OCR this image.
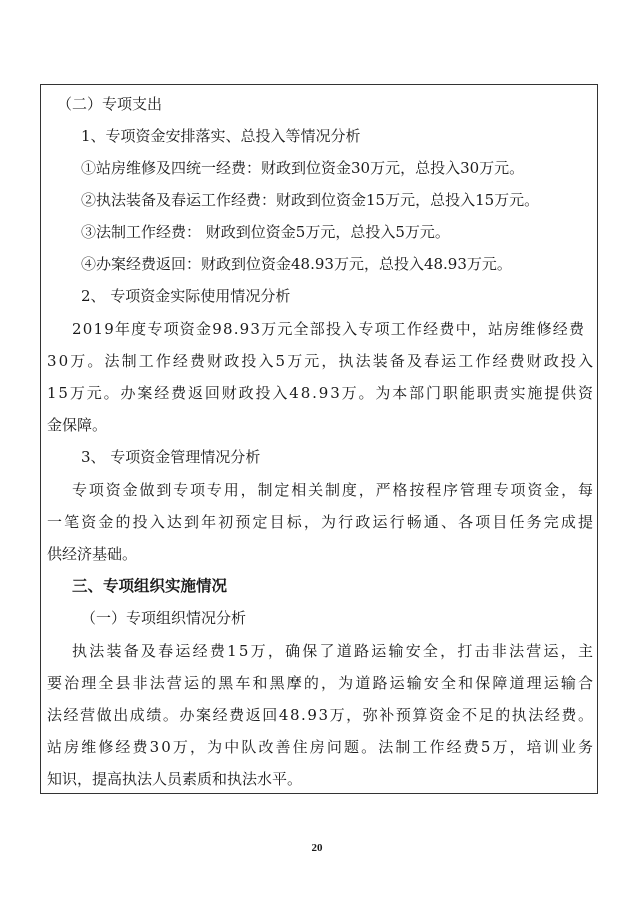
（二）专项支出
1、专项资金安排落实、总投入等情况分析
①站房维修及四统一经费：财政到位资金30万元，总投入30万元。
②执法装备及春运工作经费：财政到位资金15万元，总投入15万元。
③法制工作经费： 财政到位资金5万元，总投入5万元。
④办案经费返回：财政到位资金48.93万元，总投入48.93万元。
2、 专项资金实际使用情况分析
2019年度专项资金98.93万元全部投入专项工作经费中，站房维修经费
30万。法制工作经费财政投入5万元，执法装备及春运工作经费财政投入
15万元。办案经费返回财政投入48.93万。为本部门职能职责实施提供资
金保障。
3、 专项资金管理情况分析
专项资金做到专项专用，制定相关制度，严格按程序管理专项资金，每
一笔资金的投入达到年初预定目标，为行政运行畅通、各项目任务完成提
供经济基础。
三、专项组织实施情况
（一）专项组织情况分析
执法装备及春运经费15万，确保了道路运输安全，打击非法营运，主
要治理全县非法营运的黑车和黑摩的，为道路运输安全和保障道理运输合
法经营做出成绩。办案经费返回48.93万，弥补预算资金不足的执法经费。
站房维修经费30万，为中队改善住房问题。法制工作经费5万，培训业务
知识，提高执法人员素质和执法水平。
20
